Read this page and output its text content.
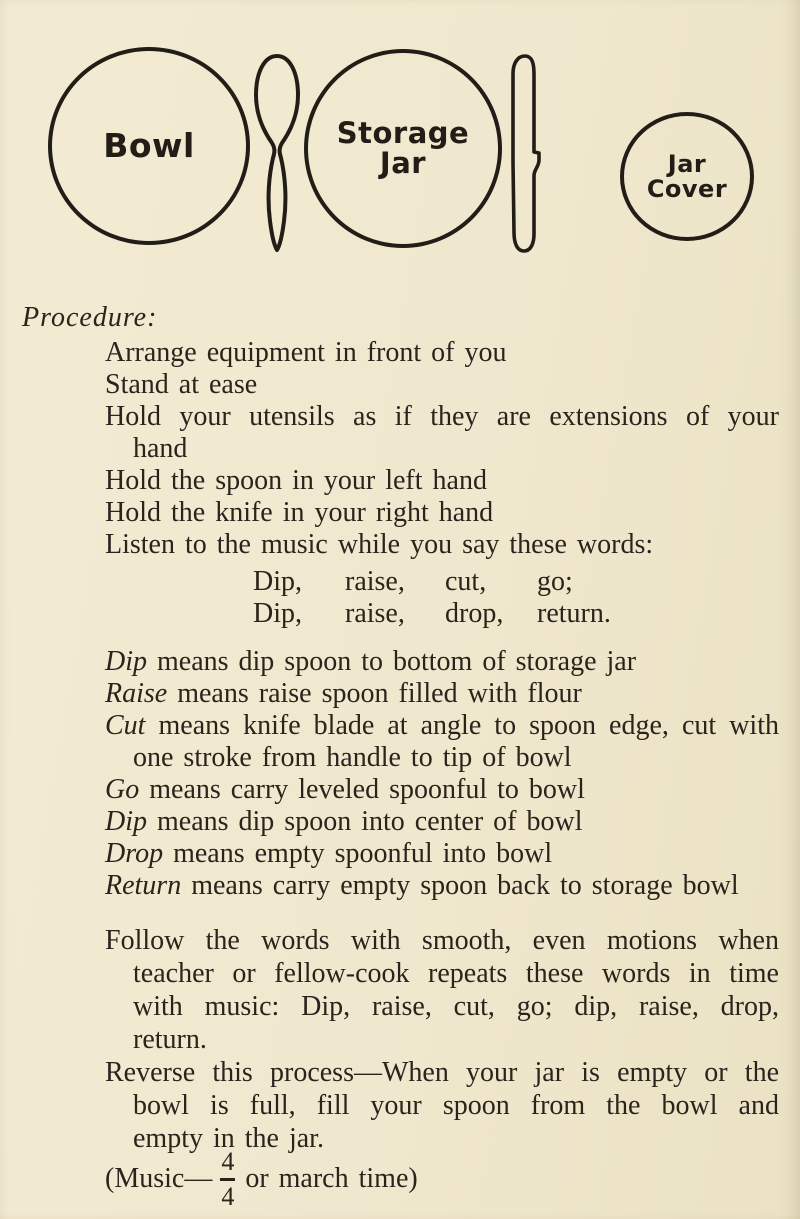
Bowl	Storage
Jar	Jar
Cover
Procedure:
Arrange equipment in front of you
Stand at ease
Hold your utensils as if they are extensions of your
hand
Hold the spoon in your left hand
Hold the knife in your right hand
Listen to the music while you say these words:
Dip,	raise,	cut,	go;
Dip,	raise,	drop,	return.
Dip means dip spoon to bottom of storage jar
Raise means raise spoon filled with flour
Cut means knife blade at angle to spoon edge, cut with
one stroke from handle to tip of bowl
Go means carry leveled spoonful to bowl
Dip means dip spoon into center of bowl
Drop means empty spoonful into bowl
Return means carry empty spoon back to storage bowl
Follow the words with smooth, even motions when
teacher or fellow-cook repeats these words in time
with music: Dip, raise, cut, go; dip, raise, drop,
return.
Reverse this process—When your jar is empty or the
bowl is full, fill your spoon from the bowl and
empty in the jar.
(Music— $\frac{4}{4}$ or march time)
